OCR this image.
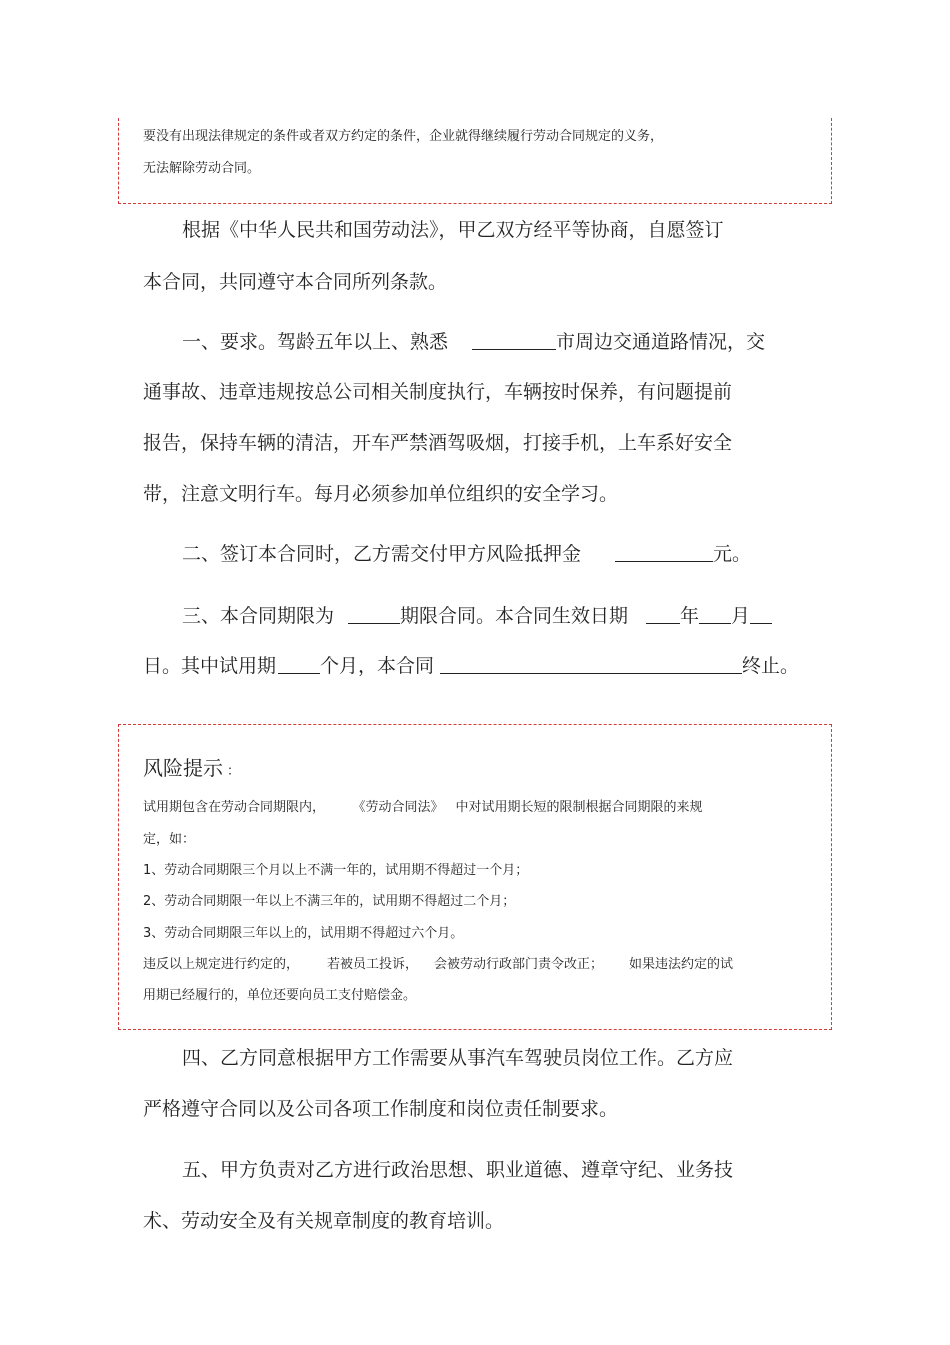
要没有出现法律规定的条件或者双方约定的条件，企业就得继续履行劳动合同规定的义务，
无法解除劳动合同。
根据《中华人民共和国劳动法》，甲乙双方经平等协商，自愿签订
本合同，共同遵守本合同所列条款。
一、要求。驾龄五年以上、熟悉	市周边交通道路情况，交
通事故、违章违规按总公司相关制度执行，车辆按时保养，有问题提前
报告，保持车辆的清洁，开车严禁酒驾吸烟，打接手机，上车系好安全
带，注意文明行车。每月必须参加单位组织的安全学习。
二、签订本合同时，乙方需交付甲方风险抵押金	元。
三、本合同期限为	期限合同。本合同生效日期	年 月
日。其中试用期 个月，本合同	终止。
风险提示 ：
试用期包含在劳动合同期限内，	《劳动合同法》 中对试用期长短的限制根据合同期限的来规
定，如：
1、劳动合同期限三个月以上不满一年的，试用期不得超过一个月；
2、劳动合同期限一年以上不满三年的，试用期不得超过二个月；
3、劳动合同期限三年以上的，试用期不得超过六个月。
违反以上规定进行约定的， 若被员工投诉， 会被劳动行政部门责令改正； 如果违法约定的试
用期已经履行的，单位还要向员工支付赔偿金。
四、乙方同意根据甲方工作需要从事汽车驾驶员岗位工作。乙方应
严格遵守合同以及公司各项工作制度和岗位责任制要求。
五、甲方负责对乙方进行政治思想、职业道德、遵章守纪、业务技
术、劳动安全及有关规章制度的教育培训。
